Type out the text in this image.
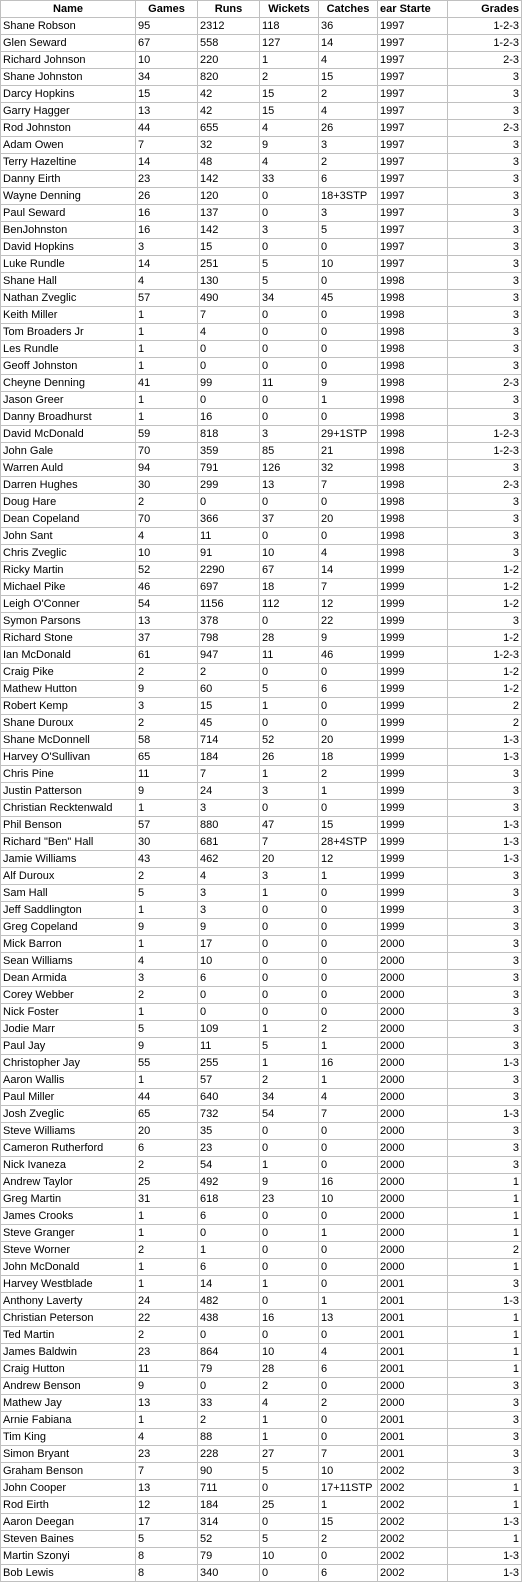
Name	Games	Runs	Wickets	Catches	ear Starte	Grades
Shane Robson	95	2312	118	36	1997	1-2-3
Glen Seward	67	558	127	14	1997	1-2-3
Richard Johnson	10	220	1	4	1997	2-3
Shane Johnston	34	820	2	15	1997	3
Darcy Hopkins	15	42	15	2	1997	3
Garry Hagger	13	42	15	4	1997	3
Rod Johnston	44	655	4	26	1997	2-3
Adam Owen	7	32	9	3	1997	3
Terry Hazeltine	14	48	4	2	1997	3
Danny Eirth	23	142	33	6	1997	3
Wayne Denning	26	120	0	18+3STP	1997	3
Paul Seward	16	137	0	3	1997	3
BenJohnston	16	142	3	5	1997	3
David Hopkins	3	15	0	0	1997	3
Luke Rundle	14	251	5	10	1997	3
Shane Hall	4	130	5	0	1998	3
Nathan Zveglic	57	490	34	45	1998	3
Keith Miller	1	7	0	0	1998	3
Tom Broaders Jr	1	4	0	0	1998	3
Les Rundle	1	0	0	0	1998	3
Geoff Johnston	1	0	0	0	1998	3
Cheyne Denning	41	99	11	9	1998	2-3
Jason Greer	1	0	0	1	1998	3
Danny Broadhurst	1	16	0	0	1998	3
David McDonald	59	818	3	29+1STP	1998	1-2-3
John Gale	70	359	85	21	1998	1-2-3
Warren Auld	94	791	126	32	1998	3
Darren Hughes	30	299	13	7	1998	2-3
Doug Hare	2	0	0	0	1998	3
Dean Copeland	70	366	37	20	1998	3
John Sant	4	11	0	0	1998	3
Chris Zveglic	10	91	10	4	1998	3
Ricky Martin	52	2290	67	14	1999	1-2
Michael Pike	46	697	18	7	1999	1-2
Leigh O'Conner	54	1156	112	12	1999	1-2
Symon Parsons	13	378	0	22	1999	3
Richard Stone	37	798	28	9	1999	1-2
Ian McDonald	61	947	11	46	1999	1-2-3
Craig Pike	2	2	0	0	1999	1-2
Mathew Hutton	9	60	5	6	1999	1-2
Robert Kemp	3	15	1	0	1999	2
Shane Duroux	2	45	0	0	1999	2
Shane McDonnell	58	714	52	20	1999	1-3
Harvey O'Sullivan	65	184	26	18	1999	1-3
Chris Pine	11	7	1	2	1999	3
Justin Patterson	9	24	3	1	1999	3
Christian Recktenwald	1	3	0	0	1999	3
Phil Benson	57	880	47	15	1999	1-3
Richard "Ben" Hall	30	681	7	28+4STP	1999	1-3
Jamie Williams	43	462	20	12	1999	1-3
Alf Duroux	2	4	3	1	1999	3
Sam Hall	5	3	1	0	1999	3
Jeff Saddlington	1	3	0	0	1999	3
Greg Copeland	9	9	0	0	1999	3
Mick Barron	1	17	0	0	2000	3
Sean Williams	4	10	0	0	2000	3
Dean Armida	3	6	0	0	2000	3
Corey Webber	2	0	0	0	2000	3
Nick Foster	1	0	0	0	2000	3
Jodie Marr	5	109	1	2	2000	3
Paul Jay	9	11	5	1	2000	3
Christopher Jay	55	255	1	16	2000	1-3
Aaron Wallis	1	57	2	1	2000	3
Paul Miller	44	640	34	4	2000	3
Josh Zveglic	65	732	54	7	2000	1-3
Steve Williams	20	35	0	0	2000	3
Cameron Rutherford	6	23	0	0	2000	3
Nick Ivaneza	2	54	1	0	2000	3
Andrew Taylor	25	492	9	16	2000	1
Greg Martin	31	618	23	10	2000	1
James Crooks	1	6	0	0	2000	1
Steve Granger	1	0	0	1	2000	1
Steve Worner	2	1	0	0	2000	2
John McDonald	1	6	0	0	2000	1
Harvey Westblade	1	14	1	0	2001	3
Anthony Laverty	24	482	0	1	2001	1-3
Christian Peterson	22	438	16	13	2001	1
Ted Martin	2	0	0	0	2001	1
James Baldwin	23	864	10	4	2001	1
Craig Hutton	11	79	28	6	2001	1
Andrew Benson	9	0	2	0	2000	3
Mathew Jay	13	33	4	2	2000	3
Arnie Fabiana	1	2	1	0	2001	3
Tim King	4	88	1	0	2001	3
Simon Bryant	23	228	27	7	2001	3
Graham Benson	7	90	5	10	2002	3
John Cooper	13	711	0	17+11STP	2002	1
Rod Eirth	12	184	25	1	2002	1
Aaron Deegan	17	314	0	15	2002	1-3
Steven Baines	5	52	5	2	2002	1
Martin Szonyi	8	79	10	0	2002	1-3
Bob Lewis	8	340	0	6	2002	1-3
